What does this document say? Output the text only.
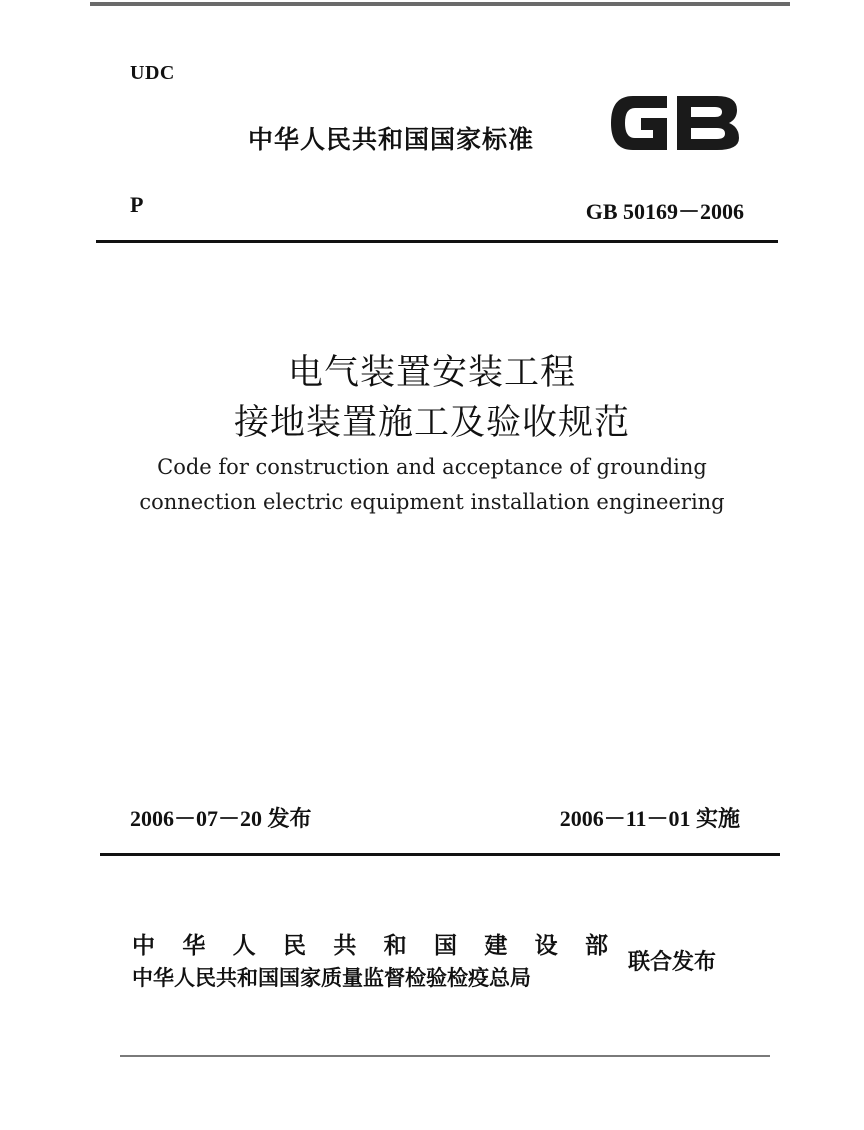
UDC
中华人民共和国国家标准
P	GB 50169－2006
电气装置安装工程
接地装置施工及验收规范
Code for construction and acceptance of grounding
connection electric equipment installation engineering
2006－07－20 发布	2006－11－01 实施
中华人民共和国建设部
中华人民共和国国家质量监督检验检疫总局
联合发布
